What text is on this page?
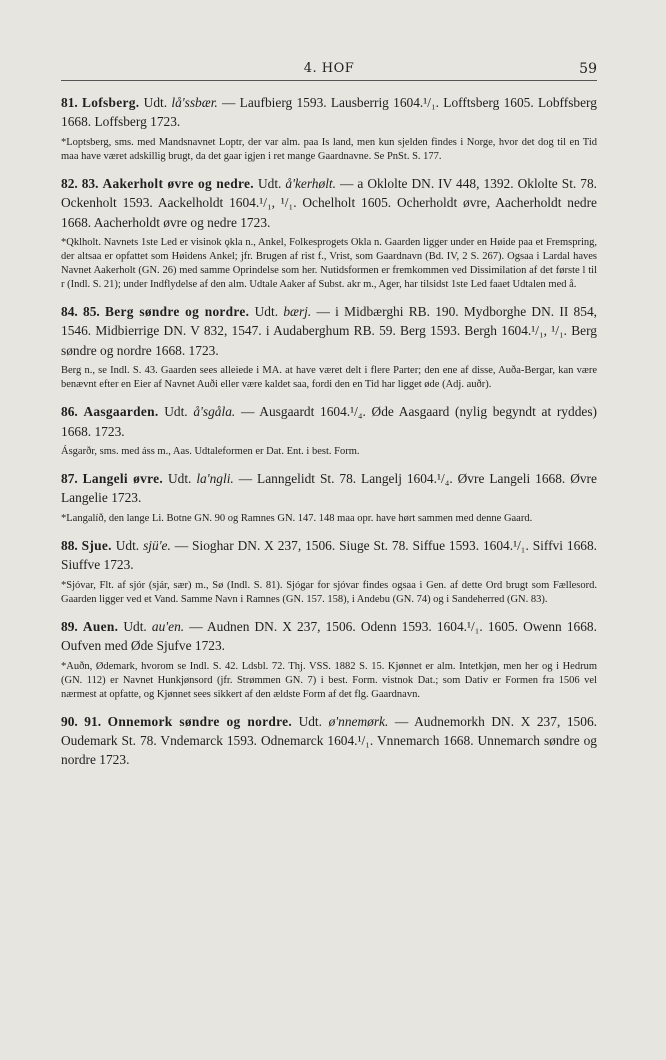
4. HOF	59
81. Lofsberg. Udt. lå'ssbær. — Laufbierg 1593. Lausberrig 1604.¹/₁. Lofftsberg 1605. Lobffsberg 1668. Loffsberg 1723.
*Loptsberg, sms. med Mandsnavnet Loptr, der var alm. paa Is land, men kun sjelden findes i Norge, hvor det dog til en Tid maa have været adskillig brugt, da det gaar igjen i ret mange Gaardnavne. Se PnSt. S. 177.
82. 83. Aakerholt øvre og nedre. Udt. å'kerhølt. — a Oklolte DN. IV 448, 1392. Oklolte St. 78. Ockenholt 1593. Aackelholdt 1604.¹/₁, ¹/₁. Ochelholt 1605. Ocherholdt øvre, Aacherholdt nedre 1668. Aacherholdt øvre og nedre 1723.
*Qklholt. Navnets 1ste Led er visinok ǫkla n., Ankel, Folkesprogets Okla n. Gaarden ligger under en Høide paa et Fremspring, der altsaa er opfattet som Høidens Ankel; jfr. Brugen af rist f., Vrist, som Gaardnavn (Bd. IV, 2 S. 267). Ogsaa i Lardal haves Navnet Aakerholt (GN. 26) med samme Oprindelse som her. Nutidsformen er fremkommen ved Dissimilation af det første l til r (Indl. S. 21); under Indflydelse af den alm. Udtale Aaker af Subst. akr m., Ager, har tilsidst 1ste Led faaet Udtalen med å.
84. 85. Berg søndre og nordre. Udt. bærj. — i Midbærghi RB. 190. Mydborghe DN. II 854, 1546. Midbierrige DN. V 832, 1547. i Audaberghum RB. 59. Berg 1593. Bergh 1604.¹/₁, ¹/₁. Berg søndre og nordre 1668. 1723.
Berg n., se Indl. S. 43. Gaarden sees alleiede i MA. at have været delt i flere Parter; den ene af disse, Auða-Bergar, kan være benævnt efter en Eier af Navnet Auði eller være kaldet saa, fordi den en Tid har ligget øde (Adj. auðr).
86. Aasgaarden. Udt. å'sgåla. — Ausgaardt 1604.¹/₄. Øde Aasgaard (nylig begyndt at ryddes) 1668. 1723.
Ásgarðr, sms. med áss m., Aas. Udtaleformen er Dat. Ent. i best. Form.
87. Langeli øvre. Udt. la'ngli. — Lanngelidt St. 78. Langelj 1604.¹/₄. Øvre Langeli 1668. Øvre Langelie 1723.
*Langalíð, den lange Li. Botne GN. 90 og Ramnes GN. 147. 148 maa opr. have hørt sammen med denne Gaard.
88. Sjue. Udt. sjü'e. — Sioghar DN. X 237, 1506. Siuge St. 78. Siffue 1593. 1604.¹/₁. Siffvi 1668. Siuffve 1723.
*Sjóvar, Flt. af sjór (sjár, sær) m., Sø (Indl. S. 81). Sjógar for sjóvar findes ogsaa i Gen. af dette Ord brugt som Fællesord. Gaarden ligger ved et Vand. Samme Navn i Ramnes (GN. 157. 158), i Andebu (GN. 74) og i Sandeherred (GN. 83).
89. Auen. Udt. au'en. — Audnen DN. X 237, 1506. Odenn 1593. 1604.¹/₁. 1605. Owenn 1668. Oufven med Øde Sjufve 1723.
*Auðn, Ødemark, hvorom se Indl. S. 42. Ldsbl. 72. Thj. VSS. 1882 S. 15. Kjønnet er alm. Intetkjøn, men her og i Hedrum (GN. 112) er Navnet Hunkjønsord (jfr. Strømmen GN. 7) i best. Form. vistnok Dat.; som Dativ er Formen fra 1506 vel nærmest at opfatte, og Kjønnet sees sikkert af den ældste Form af det flg. Gaardnavn.
90. 91. Onnemork søndre og nordre. Udt. ø'nnemørk. — Audnemorkh DN. X 237, 1506. Oudemark St. 78. Vndemarck 1593. Odnemarck 1604.¹/₁. Vnnemarch 1668. Unnemarch søndre og nordre 1723.
